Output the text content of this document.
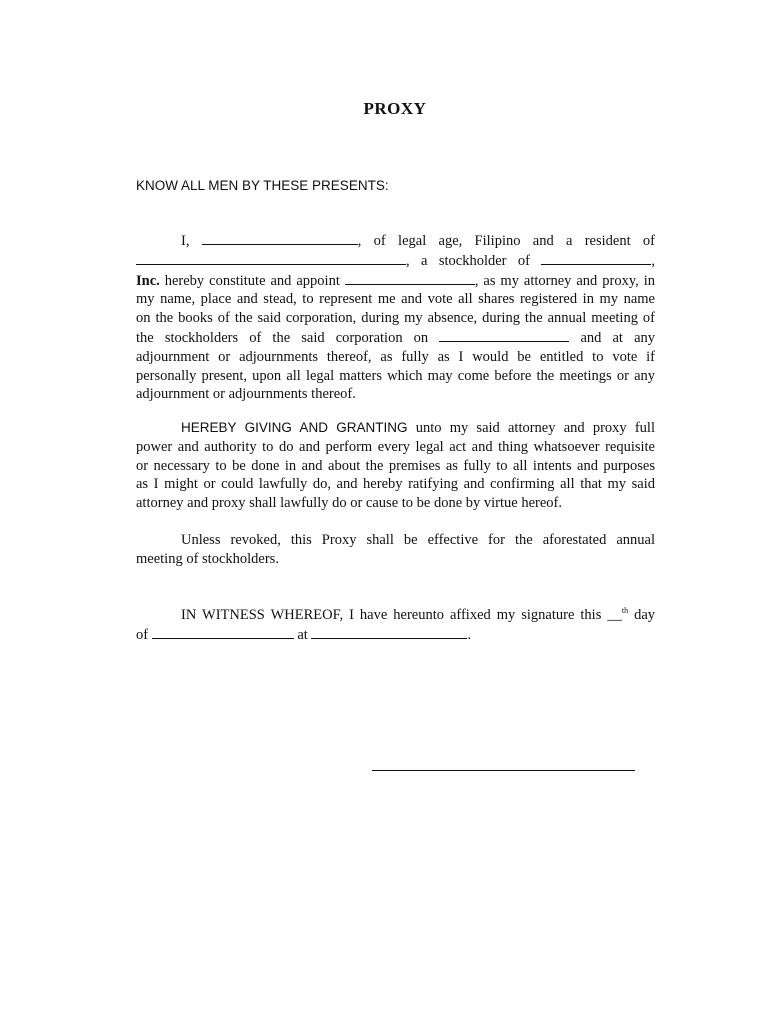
PROXY
KNOW ALL MEN BY THESE PRESENTS:
I,	, of legal age, Filipino and a resident of
, a stockholder of	,
Inc. hereby constitute and appoint	, as my attorney and proxy, in
my name, place and stead, to represent me and vote all shares registered in my name
on the books of the said corporation, during my absence, during the annual meeting of
the stockholders of the said corporation on	and at any
adjournment or adjournments thereof, as fully as I would be entitled to vote if
personally present, upon all legal matters which may come before the meetings or any
adjournment or adjournments thereof.
HEREBY GIVING AND GRANTING unto my said attorney and proxy full
power and authority to do and perform every legal act and thing whatsoever requisite
or necessary to be done in and about the premises as fully to all intents and purposes
as I might or could lawfully do, and hereby ratifying and confirming all that my said
attorney and proxy shall lawfully do or cause to be done by virtue hereof.
Unless revoked, this Proxy shall be effective for the aforestated annual
meeting of stockholders.
IN WITNESS WHEREOF, I have hereunto affixed my signature this __$^{th}$ day
of	at	.
